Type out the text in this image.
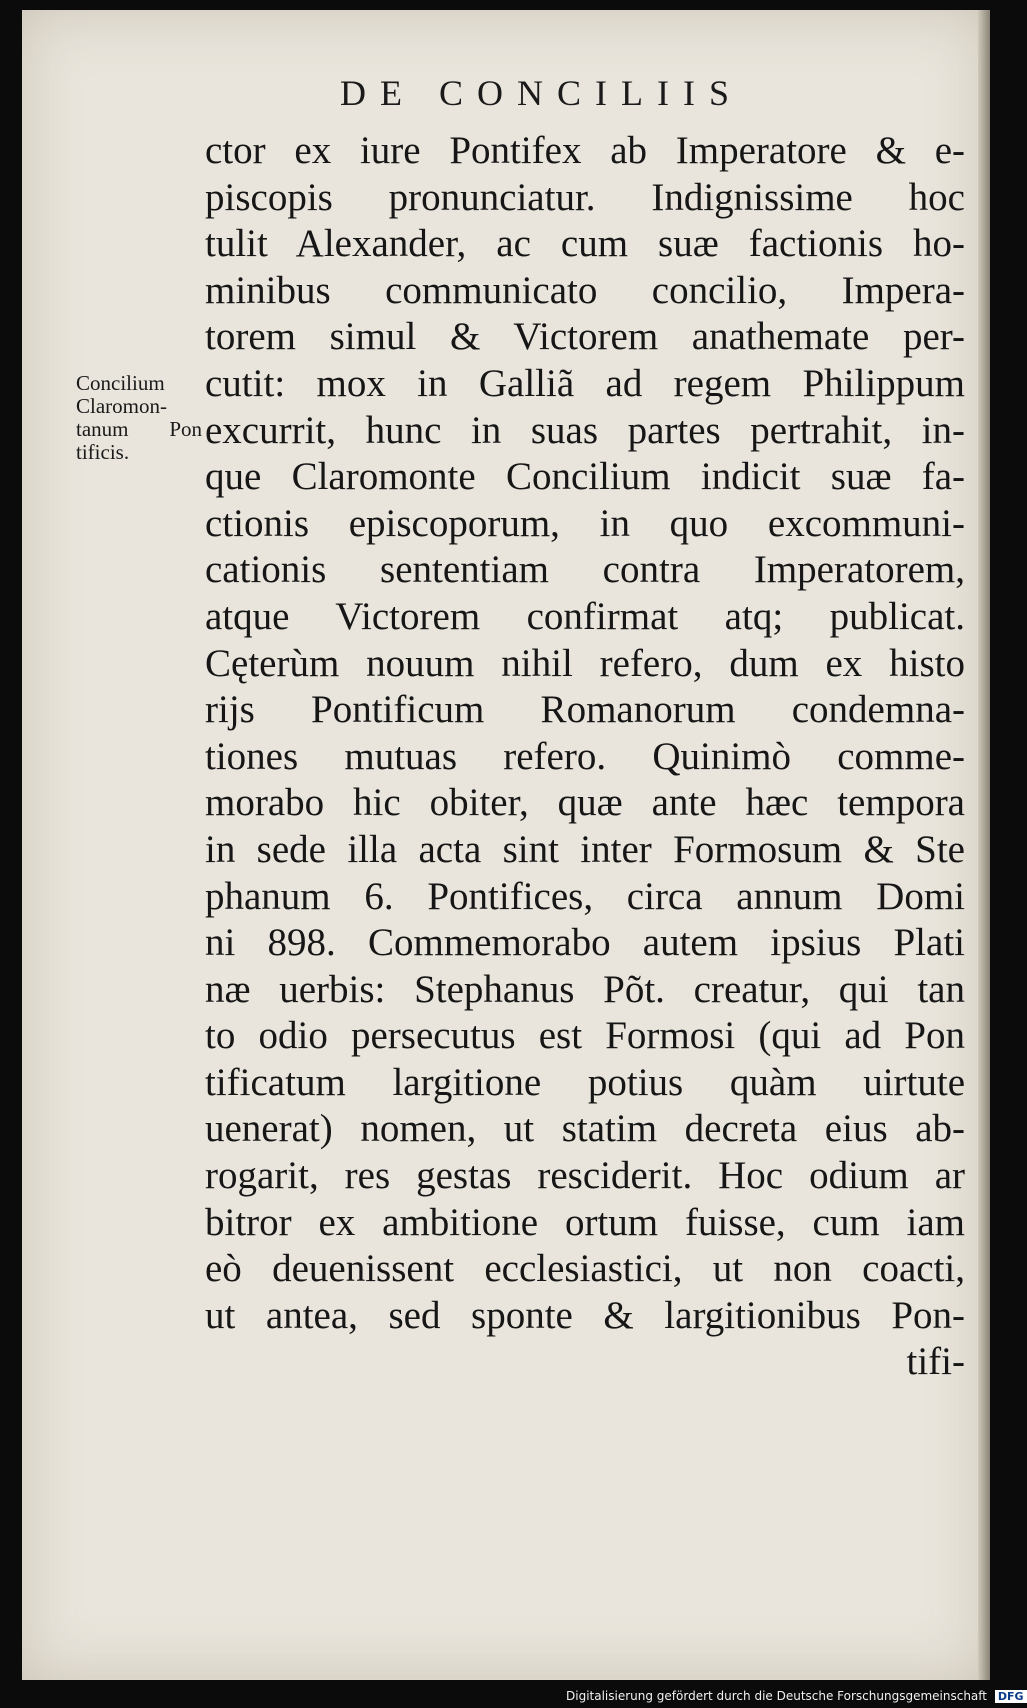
DE CONCILIIS
Concilium
Claromon-
tanum Pon
tificis.
ctor ex iure Pontifex ab Imperatore & e-
piscopis pronunciatur. Indignissime hoc
tulit Alexander, ac cum suæ factionis ho-
minibus communicato concilio, Impera-
torem simul & Victorem anathemate per-
cutit: mox in Galliã ad regem Philippum
excurrit, hunc in suas partes pertrahit, in-
que Claromonte Concilium indicit suæ fa-
ctionis episcoporum, in quo excommuni-
cationis sententiam contra Imperatorem,
atque Victorem confirmat atq; publicat.
Cęterùm nouum nihil refero, dum ex histo
rijs Pontificum Romanorum condemna-
tiones mutuas refero. Quinimò comme-
morabo hic obiter, quæ ante hæc tempora
in sede illa acta sint inter Formosum & Ste
phanum 6. Pontifices, circa annum Domi
ni 898. Commemorabo autem ipsius Plati
næ uerbis: Stephanus Põt. creatur, qui tan
to odio persecutus est Formosi (qui ad Pon
tificatum largitione potius quàm uirtute
uenerat) nomen, ut statim decreta eius ab-
rogarit, res gestas resciderit. Hoc odium ar
bitror ex ambitione ortum fuisse, cum iam
eò deuenissent ecclesiastici, ut non coacti,
ut antea, sed sponte & largitionibus Pon-
tifi-
Digitalisierung gefördert durch die Deutsche Forschungsgemeinschaft DFG
